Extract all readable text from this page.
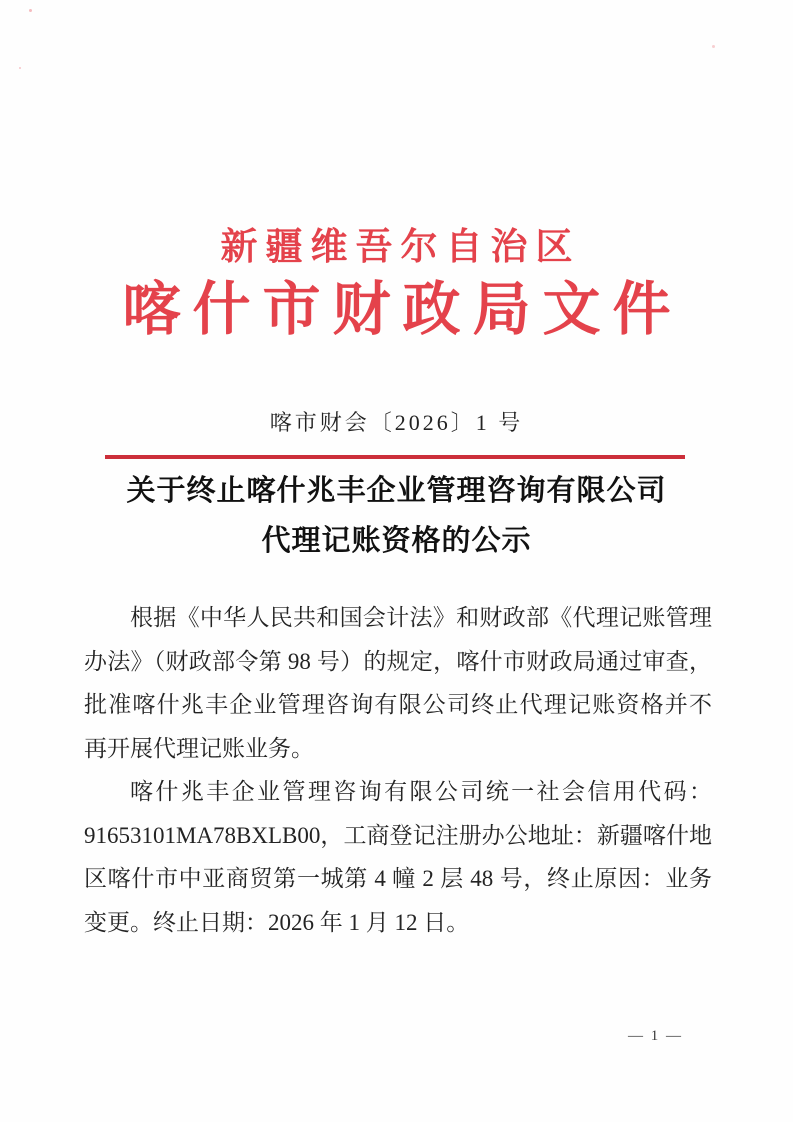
新疆维吾尔自治区
喀什市财政局文件
喀市财会〔2026〕1 号
关于终止喀什兆丰企业管理咨询有限公司
代理记账资格的公示
根据《中华人民共和国会计法》和财政部《代理记账管理
办法》（财政部令第 98 号）的规定，喀什市财政局通过审查，
批准喀什兆丰企业管理咨询有限公司终止代理记账资格并不
再开展代理记账业务。
喀什兆丰企业管理咨询有限公司统一社会信用代码：
91653101MA78BXLB00，工商登记注册办公地址：新疆喀什地
区喀什市中亚商贸第一城第 4 幢 2 层 48 号，终止原因：业务
变更。终止日期：2026 年 1 月 12 日。
— 1 —
